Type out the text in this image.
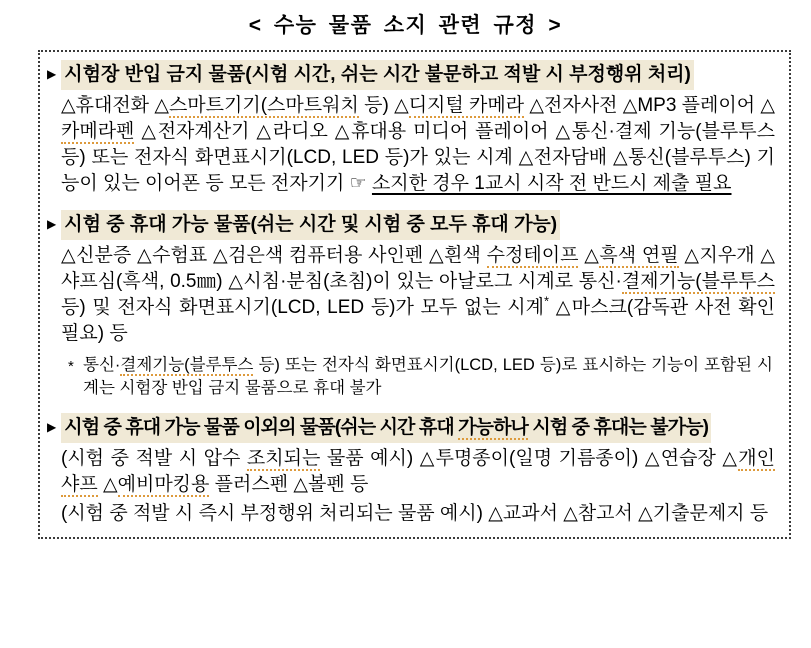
< 수능 물품 소지 관련 규정 >
▶ 시험장 반입 금지 물품(시험 시간, 쉬는 시간 불문하고 적발 시 부정행위 처리)
△휴대전화 △스마트기기(스마트워치 등) △디지털 카메라 △전자사전 △MP3 플레이어 △카메라펜 △전자계산기 △라디오 △휴대용 미디어 플레이어 △통신·결제 기능(블루투스 등) 또는 전자식 화면표시기(LCD, LED 등)가 있는 시계 △전자담배 △통신(블루투스) 기능이 있는 이어폰 등 모든 전자기기 ☞ 소지한 경우 1교시 시작 전 반드시 제출 필요
▶ 시험 중 휴대 가능 물품(쉬는 시간 및 시험 중 모두 휴대 가능)
△신분증 △수험표 △검은색 컴퓨터용 사인펜 △흰색 수정테이프 △흑색 연필 △지우개 △샤프심(흑색, 0.5㎜) △시침·분침(초침)이 있는 아날로그 시계로 통신·결제기능(블루투스 등) 및 전자식 화면표시기(LCD, LED 등)가 모두 없는 시계* △마스크(감독관 사전 확인 필요) 등
* 통신·결제기능(블루투스 등) 또는 전자식 화면표시기(LCD, LED 등)로 표시하는 기능이 포함된 시계는 시험장 반입 금지 물품으로 휴대 불가
▶ 시험 중 휴대 가능 물품 이외의 물품(쉬는 시간 휴대 가능하나 시험 중 휴대는 불가능)
(시험 중 적발 시 압수 조치되는 물품 예시) △투명종이(일명 기름종이) △연습장 △개인샤프 △예비마킹용 플러스펜 △볼펜 등
(시험 중 적발 시 즉시 부정행위 처리되는 물품 예시) △교과서 △참고서 △기출문제지 등
